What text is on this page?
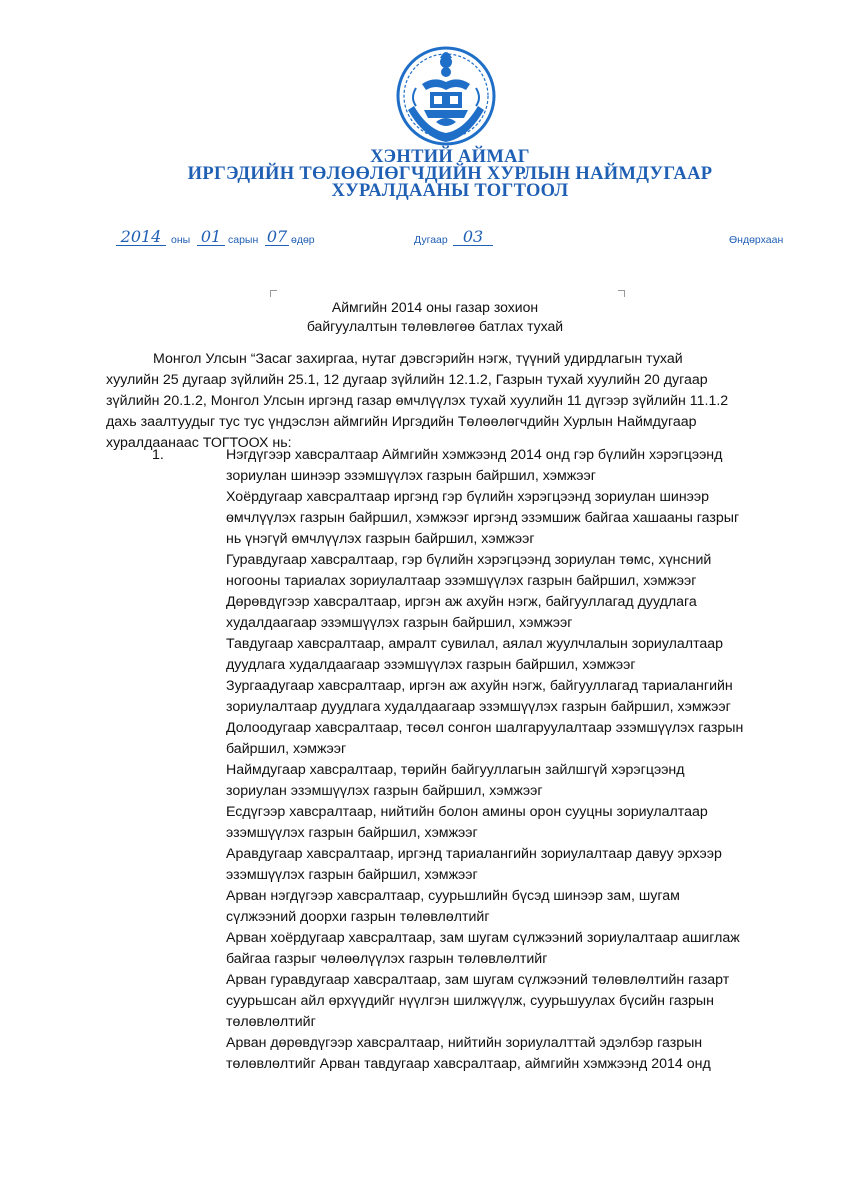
ХЭНТИЙ АЙМАГ
ИРГЭДИЙН ТӨЛӨӨЛӨГЧДИЙН ХУРЛЫН НАЙМДУГААР
ХУРАЛДААНЫ ТОГТООЛ
2014 оны 01 сарын 07 өдөр	Дугаар 03	Өндөрхаан
Аймгийн 2014 оны газар зохион
байгуулалтын төлөвлөгөө батлах тухай

Монгол Улсын “Засаг захиргаа, нутаг дэвсгэрийн нэгж, түүний удирдлагын тухай

хуулийн 25 дугаар зүйлийн 25.1, 12 дугаар зүйлийн 12.1.2, Газрын тухай хуулийн 20 дугаар

зүйлийн 20.1.2, Монгол Улсын иргэнд газар өмчлүүлэх тухай хуулийн 11 дүгээр зүйлийн 11.1.2

дахь заалтуудыг тус тус үндэслэн аймгийн Иргэдийн Төлөөлөгчдийн Хурлын Наймдугаар

хуралдаанаас ТОГТООХ нь:

1.	Нэгдүгээр хавсралтаар Аймгийн хэмжээнд 2014 онд гэр бүлийн хэрэгцээнд

зориулан шинээр эзэмшүүлэх газрын байршил, хэмжээг

Хоёрдугаар хавсралтаар иргэнд гэр бүлийн хэрэгцээнд зориулан шинээр

өмчлүүлэх газрын байршил, хэмжээг иргэнд эзэмшиж байгаа хашааны газрыг

нь үнэгүй өмчлүүлэх газрын байршил, хэмжээг

Гуравдугаар хавсралтаар, гэр бүлийн хэрэгцээнд зориулан төмс, хүнсний

ногооны тариалах зориулалтаар эзэмшүүлэх газрын байршил, хэмжээг

Дөрөвдүгээр хавсралтаар, иргэн аж ахуйн нэгж, байгууллагад дуудлага

худалдаагаар эзэмшүүлэх газрын байршил, хэмжээг

Тавдугаар хавсралтаар, амралт сувилал, аялал жуулчлалын зориулалтаар

дуудлага худалдаагаар эзэмшүүлэх газрын байршил, хэмжээг

Зургаадугаар хавсралтаар, иргэн аж ахуйн нэгж, байгууллагад тариалангийн

зориулалтаар дуудлага худалдаагаар эзэмшүүлэх газрын байршил, хэмжээг

Долоодугаар хавсралтаар, төсөл сонгон шалгаруулалтаар эзэмшүүлэх газрын

байршил, хэмжээг

Наймдугаар хавсралтаар, төрийн байгууллагын зайлшгүй хэрэгцээнд

зориулан эзэмшүүлэх газрын байршил, хэмжээг

Есдүгээр хавсралтаар, нийтийн болон амины орон сууцны зориулалтаар

эзэмшүүлэх газрын байршил, хэмжээг

Аравдугаар хавсралтаар, иргэнд тариалангийн зориулалтаар давуу эрхээр

эзэмшүүлэх газрын байршил, хэмжээг

Арван нэгдүгээр хавсралтаар, суурьшлийн бүсэд шинээр зам, шугам

сүлжээний доорхи газрын төлөвлөлтийг

Арван хоёрдугаар хавсралтаар, зам шугам сүлжээний зориулалтаар ашиглаж

байгаа газрыг чөлөөлүүлэх газрын төлөвлөлтийг

Арван гуравдугаар хавсралтаар, зам шугам сүлжээний төлөвлөлтийн газарт

суурьшсан айл өрхүүдийг нүүлгэн шилжүүлж, суурьшуулах бүсийн газрын

төлөвлөлтийг

Арван дөрөвдүгээр хавсралтаар, нийтийн зориулалттай эдэлбэр газрын

төлөвлөлтийг Арван тавдугаар хавсралтаар, аймгийн хэмжээнд 2014 онд
